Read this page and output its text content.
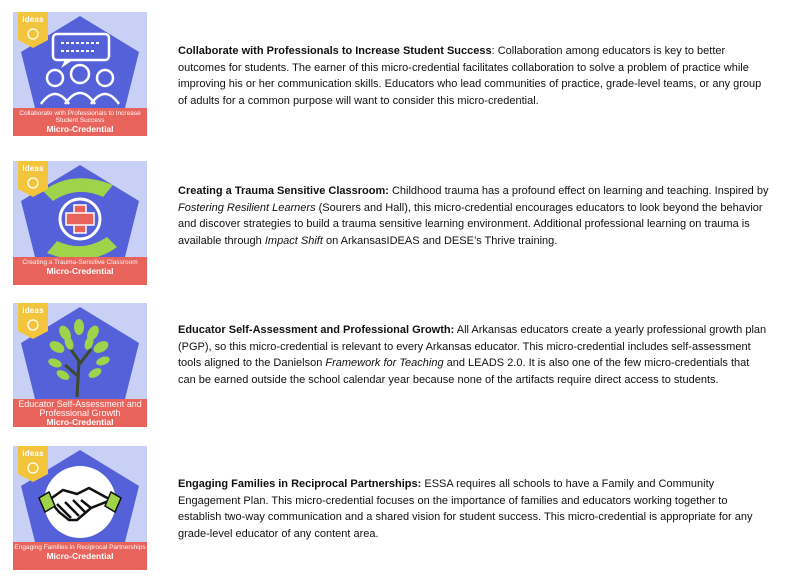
ideas
Collaborate with Professionals to Increase Student Success
Micro-Credential
Collaborate with Professionals to Increase Student Success: Collaboration among educators is key to better outcomes for students. The earner of this micro-credential facilitates collaboration to solve a problem of practice while improving his or her communication skills. Educators who lead communities of practice, grade-level teams, or any group of adults for a common purpose will want to consider this micro-credential.
ideas
Creating a Trauma-Sensitive Classroom
Micro-Credential
Creating a Trauma Sensitive Classroom: Childhood trauma has a profound effect on learning and teaching. Inspired by Fostering Resilient Learners (Sourers and Hall), this micro-credential encourages educators to look beyond the behavior and discover strategies to build a trauma sensitive learning environment. Additional professional learning on trauma is available through Impact Shift on ArkansasIDEAS and DESE’s Thrive training.
ideas
Educator Self-Assessment and Professional Growth
Micro-Credential
Educator Self-Assessment and Professional Growth: All Arkansas educators create a yearly professional growth plan (PGP), so this micro-credential is relevant to every Arkansas educator. This micro-credential includes self-assessment tools aligned to the Danielson Framework for Teaching and LEADS 2.0. It is also one of the few micro-credentials that can be earned outside the school calendar year because none of the artifacts require direct access to students.
ideas
Engaging Families in Reciprocal Partnerships
Micro-Credential
Engaging Families in Reciprocal Partnerships: ESSA requires all schools to have a Family and Community Engagement Plan. This micro-credential focuses on the importance of families and educators working together to establish two-way communication and a shared vision for student success. This micro-credential is appropriate for any grade-level educator of any content area.
